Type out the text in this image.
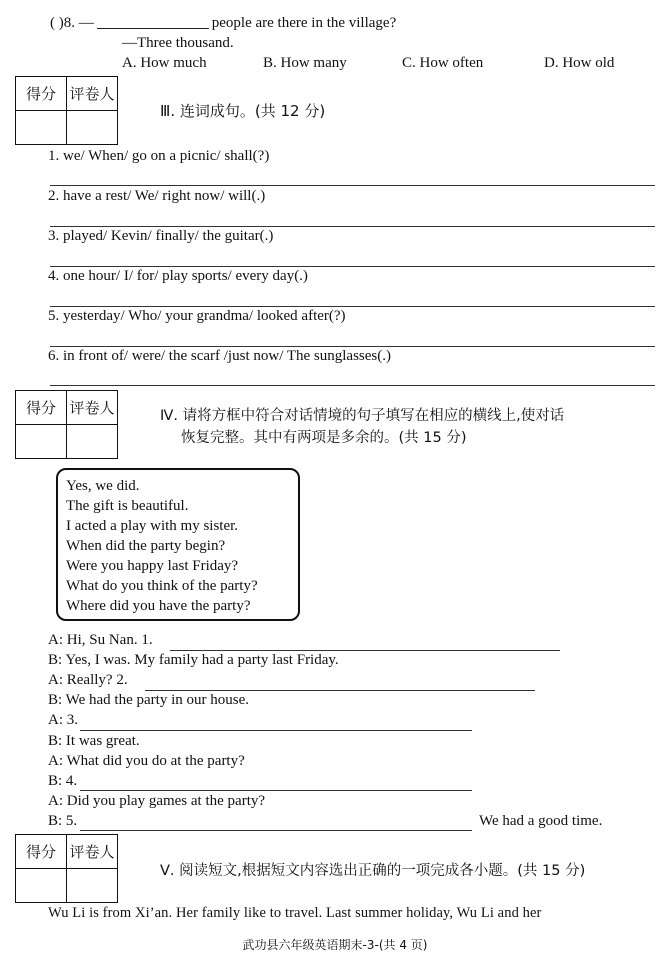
( )8. —	people are there in the village?
—Three thousand.
A. How much	B. How many	C. How often	D. How old
得分	评卷人

Ⅲ. 连词成句。(共 12 分)
1. we/ When/ go on a picnic/ shall(?)
2. have a rest/ We/ right now/ will(.)
3. played/ Kevin/ finally/ the guitar(.)
4. one hour/ I/ for/ play sports/ every day(.)
5. yesterday/ Who/ your grandma/ looked after(?)
6. in front of/ were/ the scarf /just now/ The sunglasses(.)
得分	评卷人
		Ⅳ. 请将方框中符合对话情境的句子填写在相应的横线上,使对话
恢复完整。其中有两项是多余的。(共 15 分)
Yes, we did.
The gift is beautiful.
I acted a play with my sister.
When did the party begin?
Were you happy last Friday?
What do you think of the party?
Where did you have the party?
A: Hi, Su Nan. 1.
B: Yes, I was. My family had a party last Friday.
A: Really? 2.
B: We had the party in our house.
A: 3.
B: It was great.
A: What did you do at the party?
B: 4.
A: Did you play games at the party?
B: 5.	We had a good time.
得分	评卷人

Ⅴ. 阅读短文,根据短文内容选出正确的一项完成各小题。(共 15 分)
Wu Li is from Xi’an. Her family like to travel. Last summer holiday, Wu Li and her
武功县六年级英语期末-3-(共 4 页)
